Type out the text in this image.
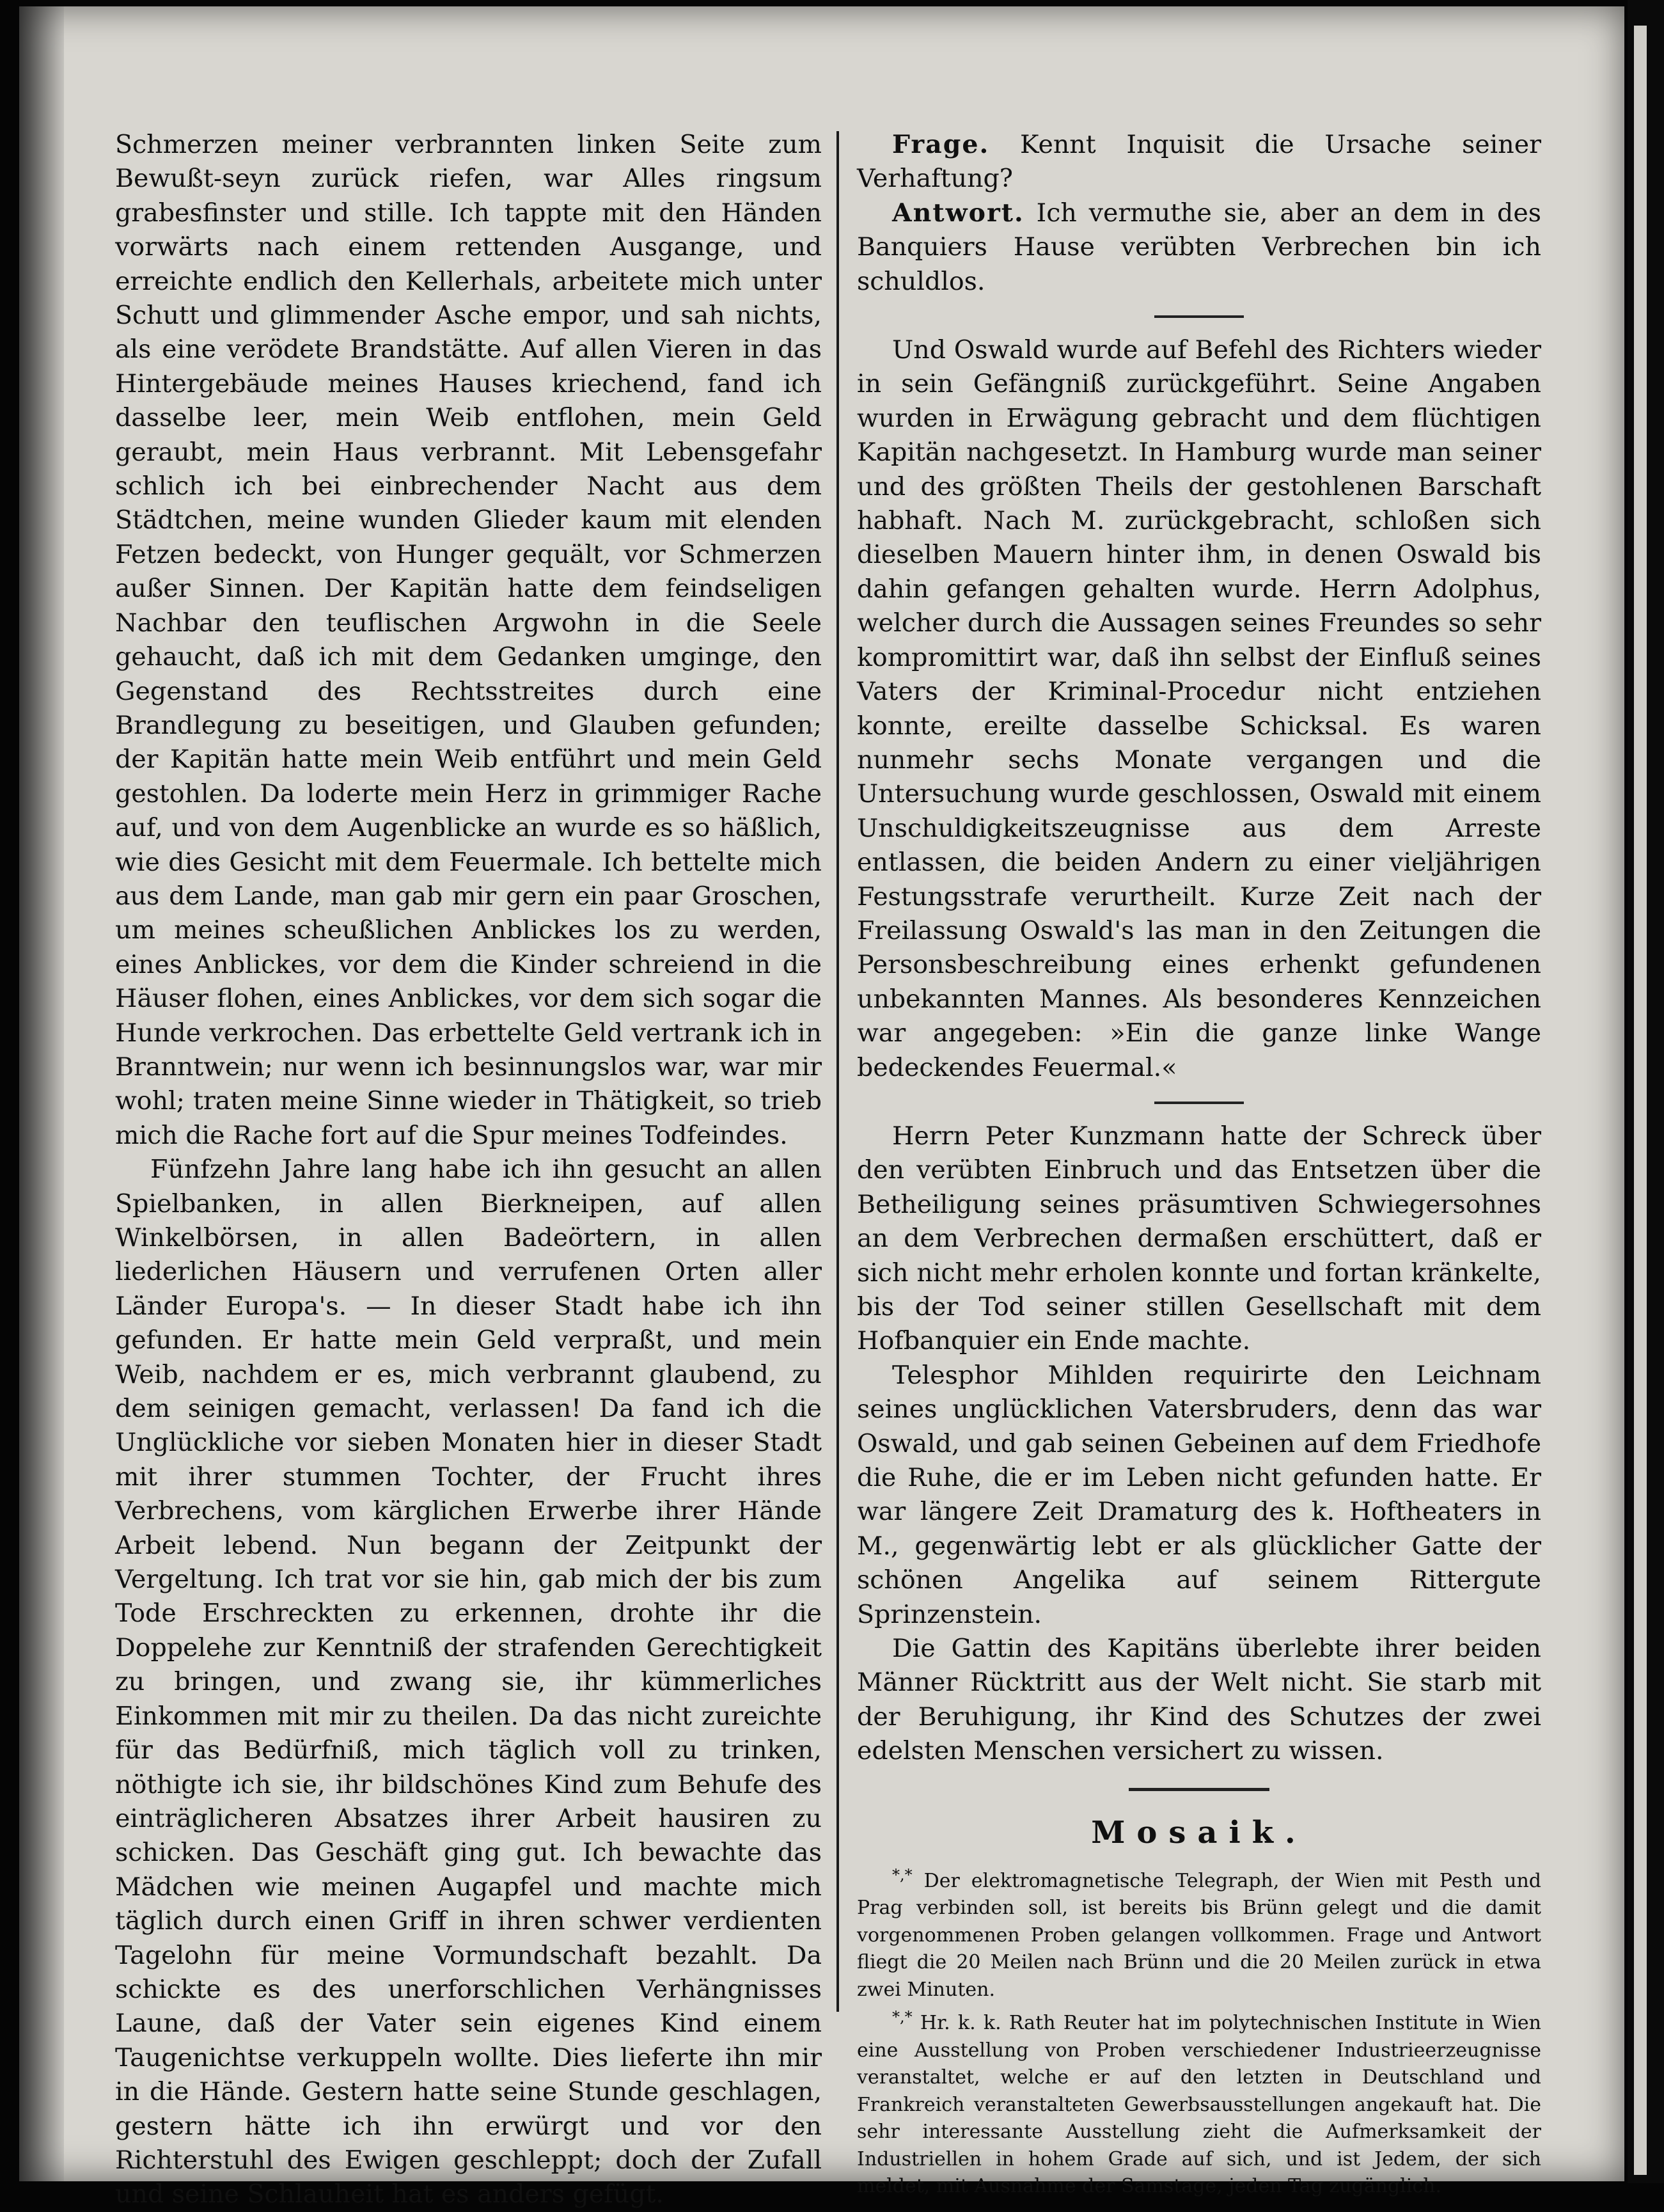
Schmerzen meiner verbrannten linken Seite zum Bewußt-seyn zurück riefen, war Alles ringsum grabesfinster und stille. Ich tappte mit den Händen vorwärts nach einem rettenden Ausgange, und erreichte endlich den Kellerhals, arbeitete mich unter Schutt und glimmender Asche empor, und sah nichts, als eine verödete Brandstätte. Auf allen Vieren in das Hintergebäude meines Hauses kriechend, fand ich dasselbe leer, mein Weib entflohen, mein Geld geraubt, mein Haus verbrannt. Mit Lebensgefahr schlich ich bei einbrechender Nacht aus dem Städtchen, meine wunden Glieder kaum mit elenden Fetzen bedeckt, von Hunger gequält, vor Schmerzen außer Sinnen. Der Kapitän hatte dem feindseligen Nachbar den teuflischen Argwohn in die Seele gehaucht, daß ich mit dem Gedanken umginge, den Gegenstand des Rechtsstreites durch eine Brandlegung zu beseitigen, und Glauben gefunden; der Kapitän hatte mein Weib entführt und mein Geld gestohlen. Da loderte mein Herz in grimmiger Rache auf, und von dem Augenblicke an wurde es so häßlich, wie dies Gesicht mit dem Feuermale. Ich bettelte mich aus dem Lande, man gab mir gern ein paar Groschen, um meines scheußlichen Anblickes los zu werden, eines Anblickes, vor dem die Kinder schreiend in die Häuser flohen, eines Anblickes, vor dem sich sogar die Hunde verkrochen. Das erbettelte Geld vertrank ich in Branntwein; nur wenn ich besinnungslos war, war mir wohl; traten meine Sinne wieder in Thätigkeit, so trieb mich die Rache fort auf die Spur meines Todfeindes.

Fünfzehn Jahre lang habe ich ihn gesucht an allen Spielbanken, in allen Bierkneipen, auf allen Winkelbörsen, in allen Badeörtern, in allen liederlichen Häusern und verrufenen Orten aller Länder Europa's. — In dieser Stadt habe ich ihn gefunden. Er hatte mein Geld verpraßt, und mein Weib, nachdem er es, mich verbrannt glaubend, zu dem seinigen gemacht, verlassen! Da fand ich die Unglückliche vor sieben Monaten hier in dieser Stadt mit ihrer stummen Tochter, der Frucht ihres Verbrechens, vom kärglichen Erwerbe ihrer Hände Arbeit lebend. Nun begann der Zeitpunkt der Vergeltung. Ich trat vor sie hin, gab mich der bis zum Tode Erschreckten zu erkennen, drohte ihr die Doppelehe zur Kenntniß der strafenden Gerechtigkeit zu bringen, und zwang sie, ihr kümmerliches Einkommen mit mir zu theilen. Da das nicht zureichte für das Bedürfniß, mich täglich voll zu trinken, nöthigte ich sie, ihr bildschönes Kind zum Behufe des einträglicheren Absatzes ihrer Arbeit hausiren zu schicken. Das Geschäft ging gut. Ich bewachte das Mädchen wie meinen Augapfel und machte mich täglich durch einen Griff in ihren schwer verdienten Tagelohn für meine Vormundschaft bezahlt. Da schickte es des unerforschlichen Verhängnisses Laune, daß der Vater sein eigenes Kind einem Taugenichtse verkuppeln wollte. Dies lieferte ihn mir in die Hände. Gestern hatte seine Stunde geschlagen, gestern hätte ich ihn erwürgt und vor den Richterstuhl des Ewigen geschleppt; doch der Zufall und seine Schlauheit hat es anders gefügt.

Frage. Kennt Inquisit die Ursache seiner Verhaftung?

Antwort. Ich vermuthe sie, aber an dem in des Banquiers Hause verübten Verbrechen bin ich schuldlos.

Und Oswald wurde auf Befehl des Richters wieder in sein Gefängniß zurückgeführt. Seine Angaben wurden in Erwägung gebracht und dem flüchtigen Kapitän nachgesetzt. In Hamburg wurde man seiner und des größten Theils der gestohlenen Barschaft habhaft. Nach M. zurückgebracht, schloßen sich dieselben Mauern hinter ihm, in denen Oswald bis dahin gefangen gehalten wurde. Herrn Adolphus, welcher durch die Aussagen seines Freundes so sehr kompromittirt war, daß ihn selbst der Einfluß seines Vaters der Kriminal-Procedur nicht entziehen konnte, ereilte dasselbe Schicksal. Es waren nunmehr sechs Monate vergangen und die Untersuchung wurde geschlossen, Oswald mit einem Unschuldigkeitszeugnisse aus dem Arreste entlassen, die beiden Andern zu einer vieljährigen Festungsstrafe verurtheilt. Kurze Zeit nach der Freilassung Oswald's las man in den Zeitungen die Personsbeschreibung eines erhenkt gefundenen unbekannten Mannes. Als besonderes Kennzeichen war angegeben: »Ein die ganze linke Wange bedeckendes Feuermal.«

Herrn Peter Kunzmann hatte der Schreck über den verübten Einbruch und das Entsetzen über die Betheiligung seines präsumtiven Schwiegersohnes an dem Verbrechen dermaßen erschüttert, daß er sich nicht mehr erholen konnte und fortan kränkelte, bis der Tod seiner stillen Gesellschaft mit dem Hofbanquier ein Ende machte.

Telesphor Mihlden requirirte den Leichnam seines unglücklichen Vatersbruders, denn das war Oswald, und gab seinen Gebeinen auf dem Friedhofe die Ruhe, die er im Leben nicht gefunden hatte. Er war längere Zeit Dramaturg des k. Hoftheaters in M., gegenwärtig lebt er als glücklicher Gatte der schönen Angelika auf seinem Rittergute Sprinzenstein.

Die Gattin des Kapitäns überlebte ihrer beiden Männer Rücktritt aus der Welt nicht. Sie starb mit der Beruhigung, ihr Kind des Schutzes der zwei edelsten Menschen versichert zu wissen.

Mosaik.

*,* Der elektromagnetische Telegraph, der Wien mit Pesth und Prag verbinden soll, ist bereits bis Brünn gelegt und die damit vorgenommenen Proben gelangen vollkommen. Frage und Antwort fliegt die 20 Meilen nach Brünn und die 20 Meilen zurück in etwa zwei Minuten.

*,* Hr. k. k. Rath Reuter hat im polytechnischen Institute in Wien eine Ausstellung von Proben verschiedener Industrieerzeugnisse veranstaltet, welche er auf den letzten in Deutschland und Frankreich veranstalteten Gewerbsausstellungen angekauft hat. Die sehr interessante Ausstellung zieht die Aufmerksamkeit der Industriellen in hohem Grade auf sich, und ist Jedem, der sich meldet, mit Ausnahme der Samstage, jeden Tag zugänglich.
